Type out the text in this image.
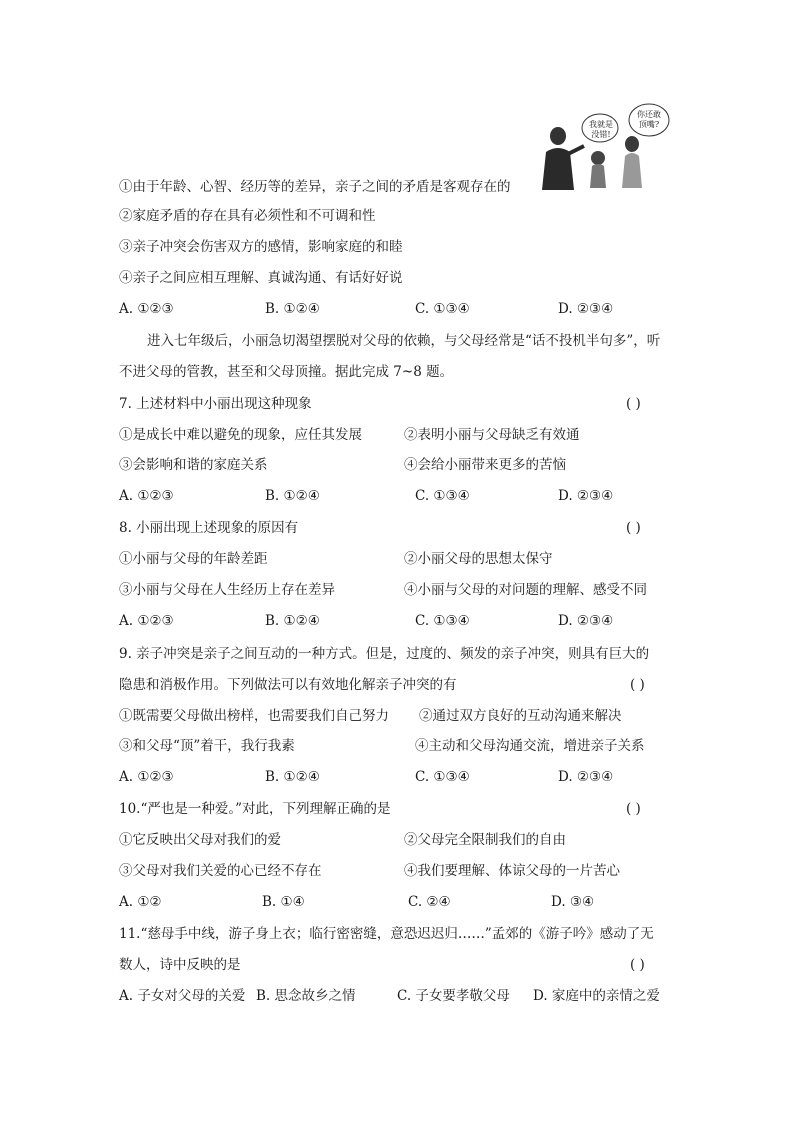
我就是
没错!
你还敢
顶嘴?
①由于年龄、心智、经历等的差异，亲子之间的矛盾是客观存在的
②家庭矛盾的存在具有必须性和不可调和性
③亲子冲突会伤害双方的感情，影响家庭的和睦
④亲子之间应相互理解、真诚沟通、有话好好说
A. ①②③	B. ①②④	C. ①③④	D. ②③④
进入七年级后，小丽急切渴望摆脱对父母的依赖，与父母经常是“话不投机半句多”，听
不进父母的管教，甚至和父母顶撞。据此完成 7~8 题。
7. 上述材料中小丽出现这种现象	( )
①是成长中难以避免的现象，应任其发展	②表明小丽与父母缺乏有效通
③会影响和谐的家庭关系	④会给小丽带来更多的苦恼
A. ①②③	B. ①②④	C. ①③④	D. ②③④
8. 小丽出现上述现象的原因有	( )
①小丽与父母的年龄差距	②小丽父母的思想太保守
③小丽与父母在人生经历上存在差异	④小丽与父母的对问题的理解、感受不同
A. ①②③	B. ①②④	C. ①③④	D. ②③④
9. 亲子冲突是亲子之间互动的一种方式。但是，过度的、频发的亲子冲突，则具有巨大的
隐患和消极作用。下列做法可以有效地化解亲子冲突的有	( )
①既需要父母做出榜样，也需要我们自己努力 ②通过双方良好的互动沟通来解决
③和父母“顶”着干，我行我素	④主动和父母沟通交流，增进亲子关系
A. ①②③	B. ①②④	C. ①③④	D. ②③④
10.“严也是一种爱。”对此，下列理解正确的是	( )
①它反映出父母对我们的爱	②父母完全限制我们的自由
③父母对我们关爱的心已经不存在	④我们要理解、体谅父母的一片苦心
A. ①②	B. ①④	C. ②④	D. ③④
11.“慈母手中线，游子身上衣；临行密密缝，意恐迟迟归……”孟郊的《游子吟》感动了无
数人，诗中反映的是	( )
A. 子女对父母的关爱 B. 思念故乡之情	C. 子女要孝敬父母 D. 家庭中的亲情之爱
